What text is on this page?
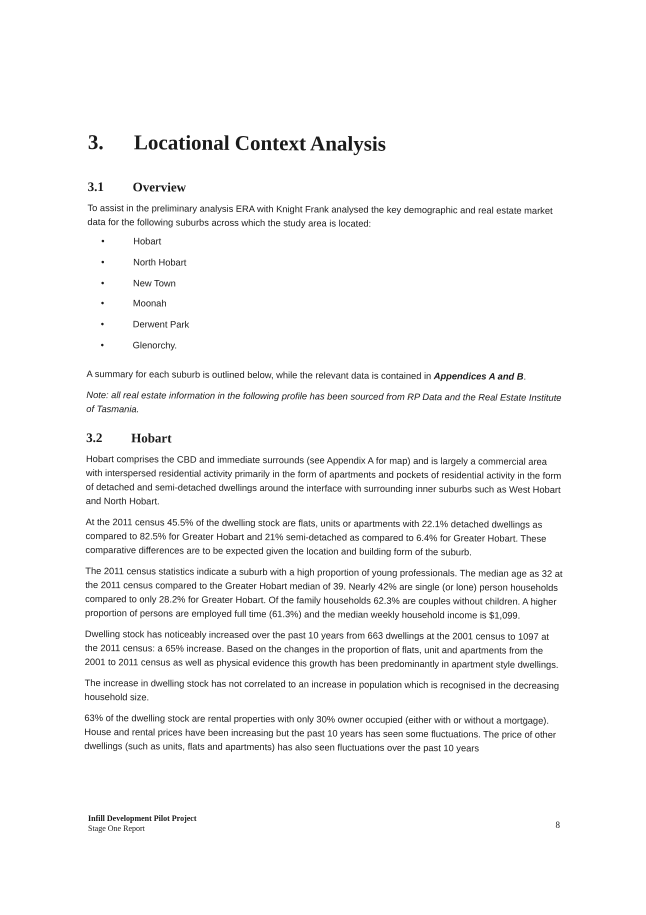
3.	Locational Context Analysis
3.1	Overview

To assist in the preliminary analysis ERA with Knight Frank analysed the key demographic and real estate market data for the following suburbs across which the study area is located:

•	Hobart
•	North Hobart
•	New Town
•	Moonah
•	Derwent Park
•	Glenorchy.

A summary for each suburb is outlined below, while the relevant data is contained in Appendices A and B.

Note: all real estate information in the following profile has been sourced from RP Data and the Real Estate Institute of Tasmania.

3.2	Hobart

Hobart comprises the CBD and immediate surrounds (see Appendix A for map) and is largely a commercial area with interspersed residential activity primarily in the form of apartments and pockets of residential activity in the form of detached and semi-detached dwellings around the interface with surrounding inner suburbs such as West Hobart and North Hobart.

At the 2011 census 45.5% of the dwelling stock are flats, units or apartments with 22.1% detached dwellings as compared to 82.5% for Greater Hobart and 21% semi-detached as compared to 6.4% for Greater Hobart. These comparative differences are to be expected given the location and building form of the suburb.

The 2011 census statistics indicate a suburb with a high proportion of young professionals. The median age as 32 at the 2011 census compared to the Greater Hobart median of 39. Nearly 42% are single (or lone) person households compared to only 28.2% for Greater Hobart. Of the family households 62.3% are couples without children. A higher proportion of persons are employed full time (61.3%) and the median weekly household income is $1,099.

Dwelling stock has noticeably increased over the past 10 years from 663 dwellings at the 2001 census to 1097 at the 2011 census: a 65% increase. Based on the changes in the proportion of flats, unit and apartments from the 2001 to 2011 census as well as physical evidence this growth has been predominantly in apartment style dwellings.

The increase in dwelling stock has not correlated to an increase in population which is recognised in the decreasing household size.

63% of the dwelling stock are rental properties with only 30% owner occupied (either with or without a mortgage). House and rental prices have been increasing but the past 10 years has seen some fluctuations. The price of other dwellings (such as units, flats and apartments) has also seen fluctuations over the past 10 years

Infill Development Pilot Project
Stage One Report	8
